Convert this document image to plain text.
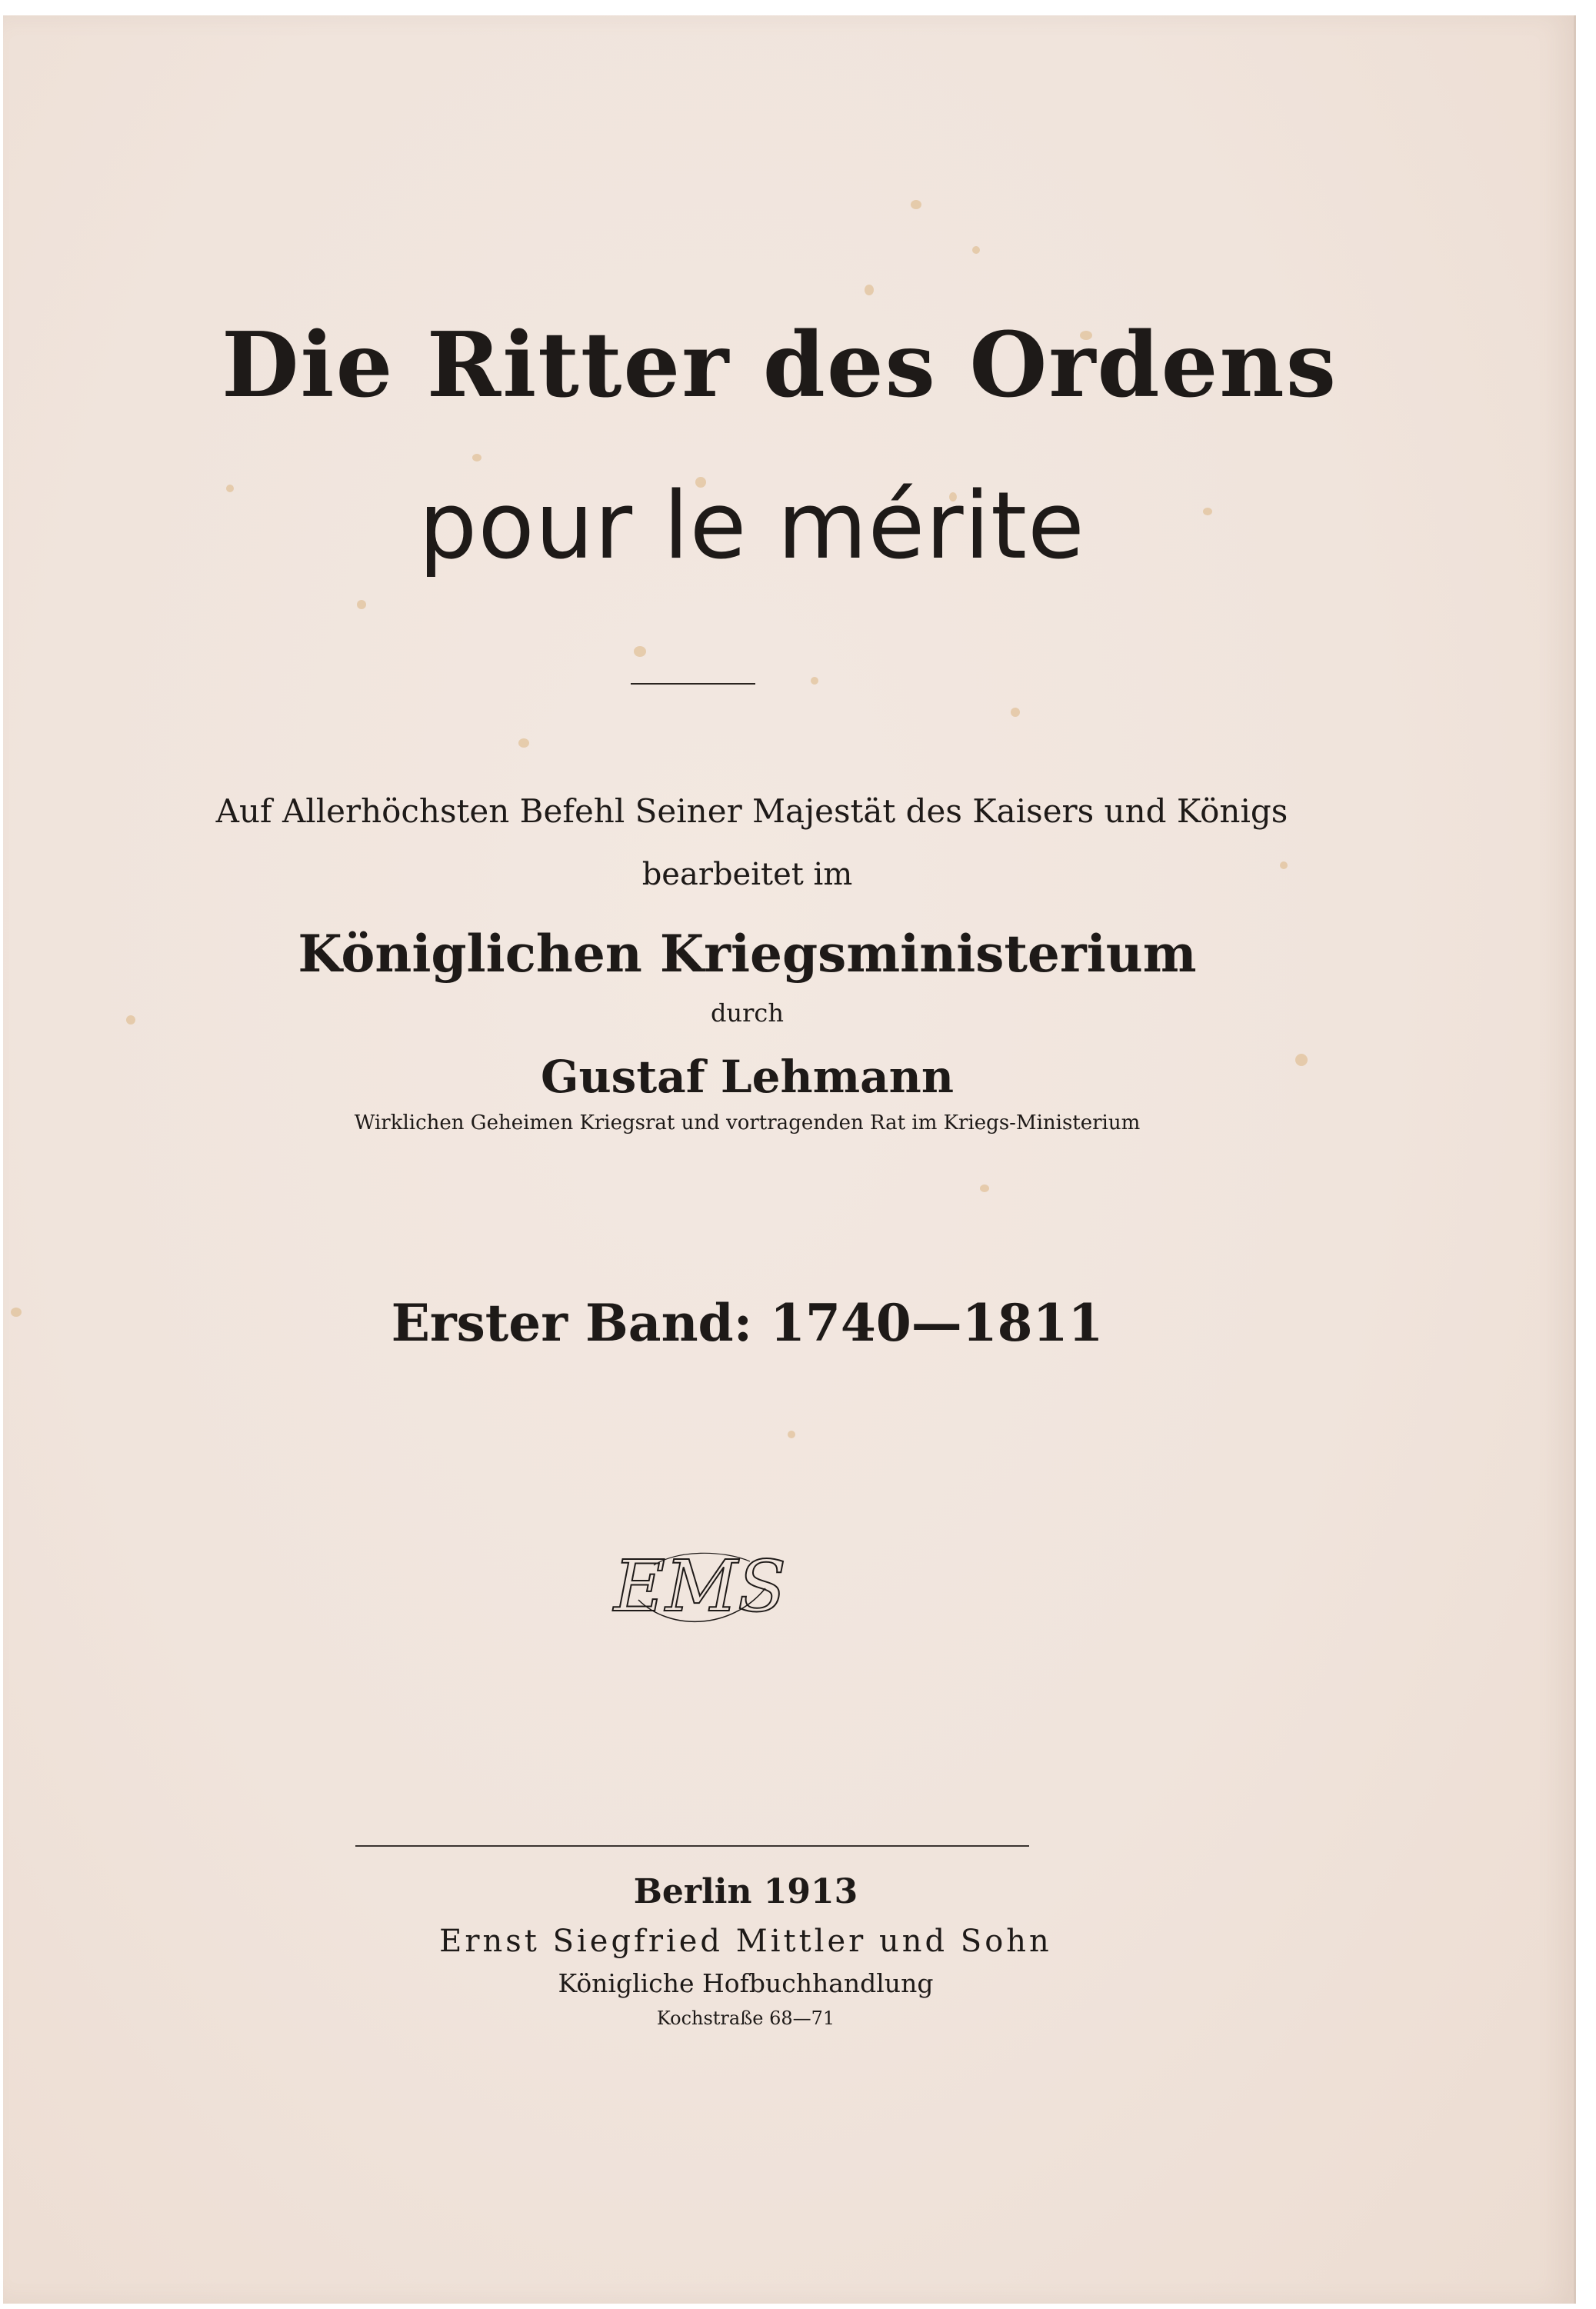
Die Ritter des Ordens
pour le mérite
Auf Allerhöchsten Befehl Seiner Majestät des Kaisers und Königs
bearbeitet im
Königlichen Kriegsministerium
durch
Gustaf Lehmann
Wirklichen Geheimen Kriegsrat und vortragenden Rat im Kriegs-Ministerium
Erster Band: 1740—1811
EMS
Berlin 1913
Ernst Siegfried Mittler und Sohn
Königliche Hofbuchhandlung
Kochstraße 68—71
